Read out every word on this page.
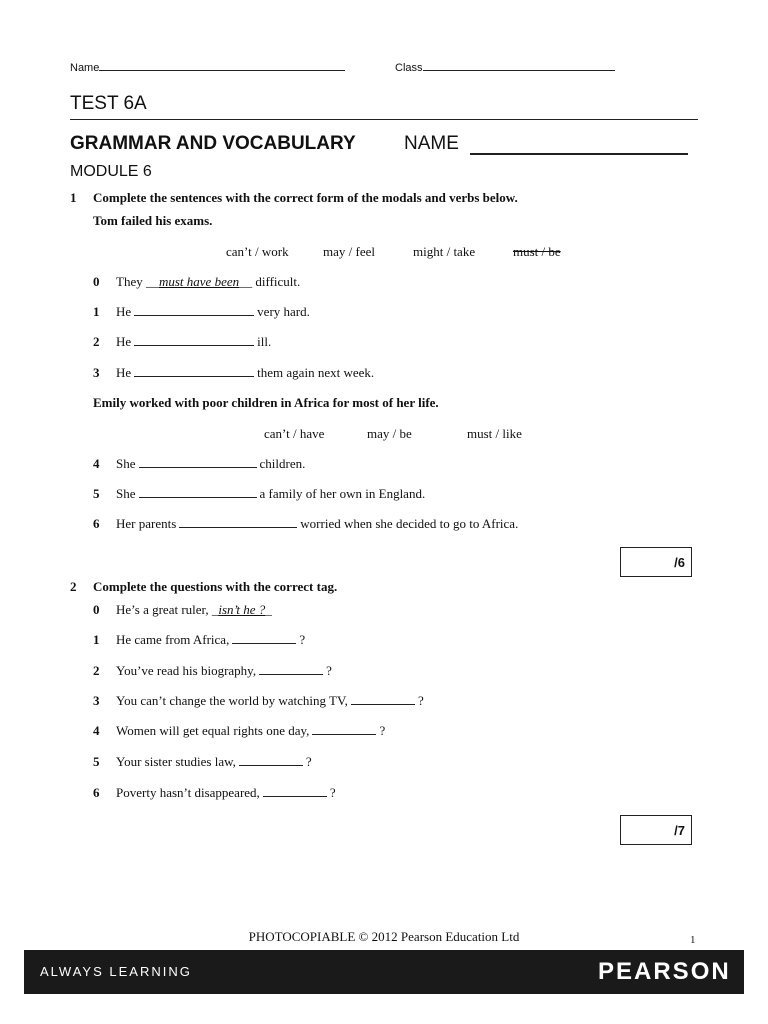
Name	Class
TEST 6A
GRAMMAR AND VOCABULARY	NAME
MODULE 6
1 Complete the sentences with the correct form of the modals and verbs below.
Tom failed his exams.
can’t / work	may / feel	might / take	must / be
0 They __must have been__ difficult.
1 He	very hard.
2 He	ill.
3 He	them again next week.
Emily worked with poor children in Africa for most of her life.
can’t / have	may / be	must / like
4 She	children.
5 She	a family of her own in England.
6 Her parents	worried when she decided to go to Africa.
/6
2 Complete the questions with the correct tag.
0 He’s a great ruler, _isn’t he ?_
1 He came from Africa,	?
2 You’ve read his biography,	?
3 You can’t change the world by watching TV,	?
4 Women will get equal rights one day,	?
5 Your sister studies law,	?
6 Poverty hasn’t disappeared,	?
/7
PHOTOCOPIABLE © 2012 Pearson Education Ltd	1
ALWAYS LEARNING	PEARSON
